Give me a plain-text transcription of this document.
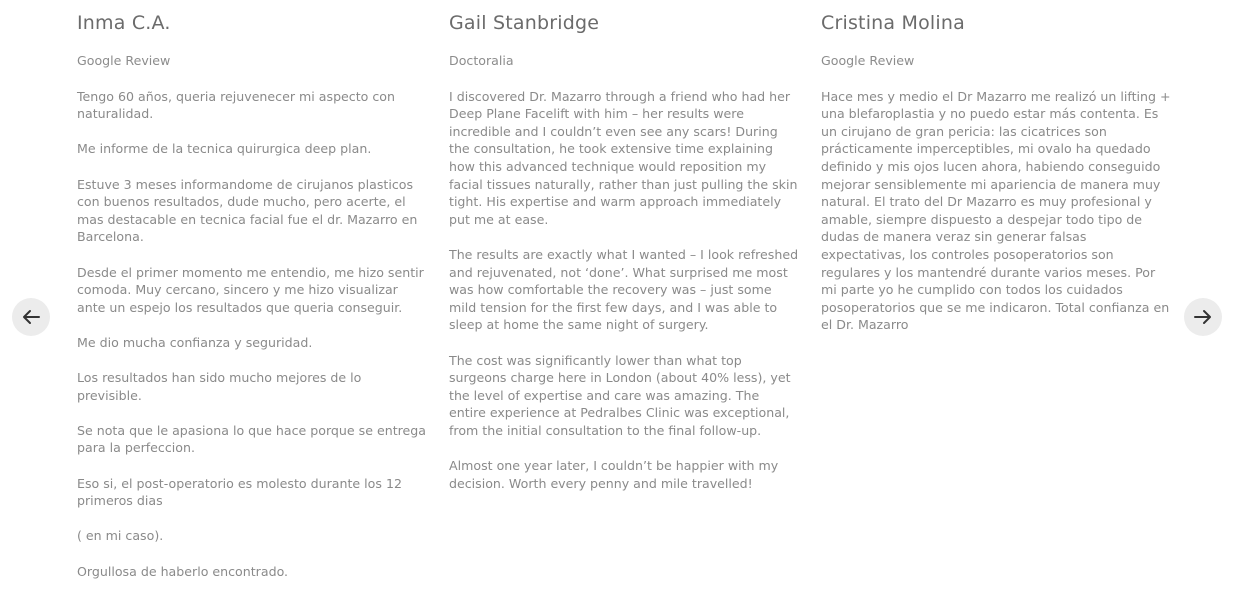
Inma C.A.
Google Review

Tengo 60 años, queria rejuvenecer mi aspecto con naturalidad.

Me informe de la tecnica quirurgica deep plan.

Estuve 3 meses informandome de cirujanos plasticos con buenos resultados, dude mucho, pero acerte, el mas destacable en tecnica facial fue el dr. Mazarro en Barcelona.

Desde el primer momento me entendio, me hizo sentir comoda. Muy cercano, sincero y me hizo visualizar ante un espejo los resultados que queria conseguir.

Me dio mucha confianza y seguridad.

Los resultados han sido mucho mejores de lo previsible.

Se nota que le apasiona lo que hace porque se entrega para la perfeccion.

Eso si, el post-operatorio es molesto durante los 12 primeros dias

( en mi caso).

Orgullosa de haberlo encontrado.

Gail Stanbridge
Doctoralia

I discovered Dr. Mazarro through a friend who had her Deep Plane Facelift with him – her results were incredible and I couldn’t even see any scars! During the consultation, he took extensive time explaining how this advanced technique would reposition my facial tissues naturally, rather than just pulling the skin tight. His expertise and warm approach immediately put me at ease.

The results are exactly what I wanted – I look refreshed and rejuvenated, not ‘done’. What surprised me most was how comfortable the recovery was – just some mild tension for the first few days, and I was able to sleep at home the same night of surgery.

The cost was significantly lower than what top surgeons charge here in London (about 40% less), yet the level of expertise and care was amazing. The entire experience at Pedralbes Clinic was exceptional, from the initial consultation to the final follow-up.

Almost one year later, I couldn’t be happier with my decision. Worth every penny and mile travelled!

Cristina Molina
Google Review

Hace mes y medio el Dr Mazarro me realizó un lifting + una blefaroplastia y no puedo estar más contenta. Es un cirujano de gran pericia: las cicatrices son prácticamente imperceptibles, mi ovalo ha quedado definido y mis ojos lucen ahora, habiendo conseguido mejorar sensiblemente mi apariencia de manera muy natural. El trato del Dr Mazarro es muy profesional y amable, siempre dispuesto a despejar todo tipo de dudas de manera veraz sin generar falsas expectativas, los controles posoperatorios son regulares y los mantendré durante varios meses. Por mi parte yo he cumplido con todos los cuidados posoperatorios que se me indicaron. Total confianza en el Dr. Mazarro
